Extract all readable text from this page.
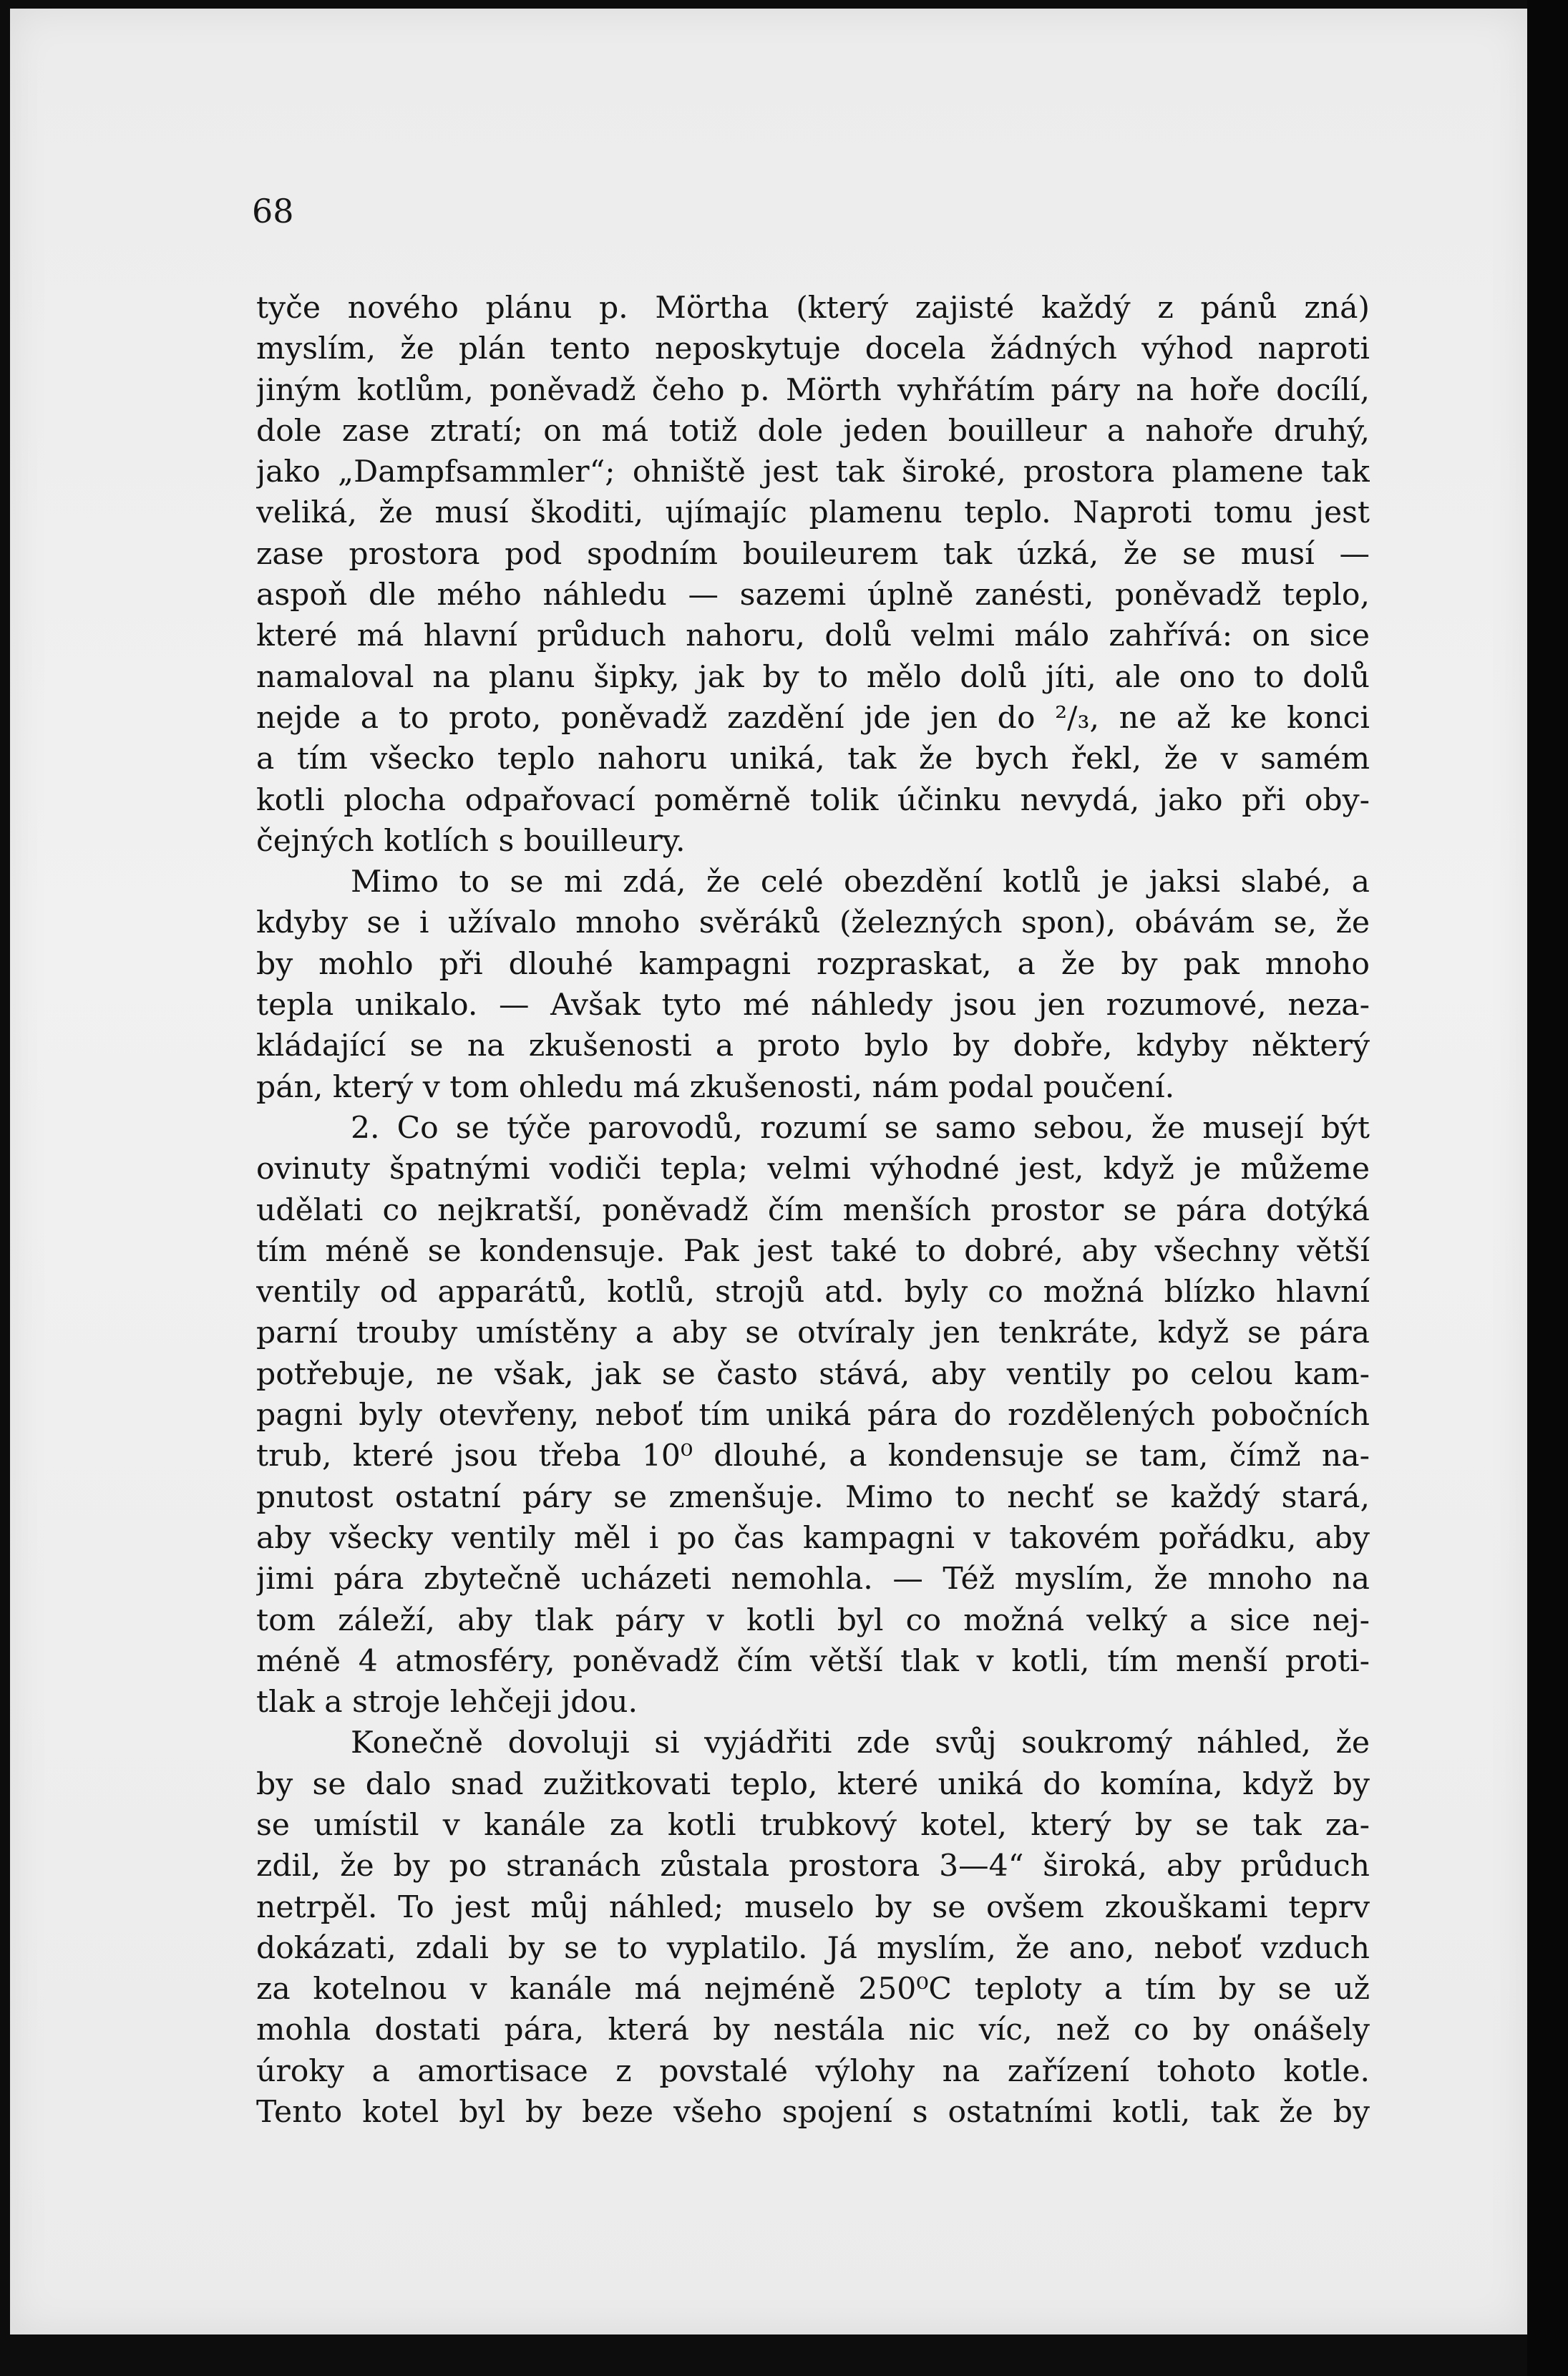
68
tyče nového plánu p. Mörtha (který zajisté každý z pánů zná)
myslím, že plán tento neposkytuje docela žádných výhod naproti
jiným kotlům, poněvadž čeho p. Mörth vyhřátím páry na hoře docílí,
dole zase ztratí; on má totiž dole jeden bouilleur a nahoře druhý,
jako „Dampfsammler“; ohniště jest tak široké, prostora plamene tak
veliká, že musí škoditi, ujímajíc plamenu teplo. Naproti tomu jest
zase prostora pod spodním bouileurem tak úzká, že se musí —
aspoň dle mého náhledu — sazemi úplně zanésti, poněvadž teplo,
které má hlavní průduch nahoru, dolů velmi málo zahřívá: on sice
namaloval na planu šipky, jak by to mělo dolů jíti, ale ono to dolů
nejde a to proto, poněvadž zazdění jde jen do ²/₃, ne až ke konci
a tím všecko teplo nahoru uniká, tak že bych řekl, že v samém
kotli plocha odpařovací poměrně tolik účinku nevydá, jako při oby-
čejných kotlích s bouilleury.
Mimo to se mi zdá, že celé obezdění kotlů je jaksi slabé, a
kdyby se i užívalo mnoho svěráků (železných spon), obávám se, že
by mohlo při dlouhé kampagni rozpraskat, a že by pak mnoho
tepla unikalo. — Avšak tyto mé náhledy jsou jen rozumové, neza-
kládající se na zkušenosti a proto bylo by dobře, kdyby některý
pán, který v tom ohledu má zkušenosti, nám podal poučení.
2. Co se týče parovodů, rozumí se samo sebou, že musejí být
ovinuty špatnými vodiči tepla; velmi výhodné jest, když je můžeme
udělati co nejkratší, poněvadž čím menších prostor se pára dotýká
tím méně se kondensuje. Pak jest také to dobré, aby všechny větší
ventily od apparátů, kotlů, strojů atd. byly co možná blízko hlavní
parní trouby umístěny a aby se otvíraly jen tenkráte, když se pára
potřebuje, ne však, jak se často stává, aby ventily po celou kam-
pagni byly otevřeny, neboť tím uniká pára do rozdělených pobočních
trub, které jsou třeba 10⁰ dlouhé, a kondensuje se tam, čímž na-
pnutost ostatní páry se zmenšuje. Mimo to nechť se každý stará,
aby všecky ventily měl i po čas kampagni v takovém pořádku, aby
jimi pára zbytečně ucházeti nemohla. — Též myslím, že mnoho na
tom záleží, aby tlak páry v kotli byl co možná velký a sice nej-
méně 4 atmosféry, poněvadž čím větší tlak v kotli, tím menší proti-
tlak a stroje lehčeji jdou.
Konečně dovoluji si vyjádřiti zde svůj soukromý náhled, že
by se dalo snad zužitkovati teplo, které uniká do komína, když by
se umístil v kanále za kotli trubkový kotel, který by se tak za-
zdil, že by po stranách zůstala prostora 3—4“ široká, aby průduch
netrpěl. To jest můj náhled; muselo by se ovšem zkouškami teprv
dokázati, zdali by se to vyplatilo. Já myslím, že ano, neboť vzduch
za kotelnou v kanále má nejméně 250⁰C teploty a tím by se už
mohla dostati pára, která by nestála nic víc, než co by onášely
úroky a amortisace z povstalé výlohy na zařízení tohoto kotle.
Tento kotel byl by beze všeho spojení s ostatními kotli, tak že by
